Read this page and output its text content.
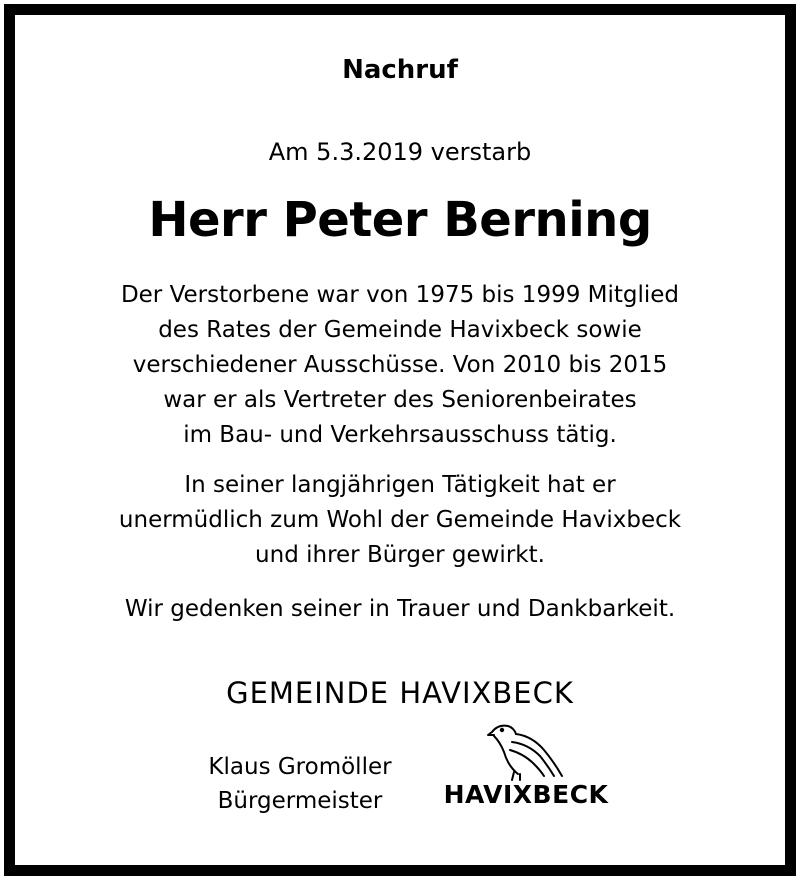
Nachruf
Am 5.3.2019 verstarb
Herr Peter Berning
Der Verstorbene war von 1975 bis 1999 Mitglied
des Rates der Gemeinde Havixbeck sowie
verschiedener Ausschüsse. Von 2010 bis 2015
war er als Vertreter des Seniorenbeirates
im Bau- und Verkehrsausschuss tätig.
In seiner langjährigen Tätigkeit hat er
unermüdlich zum Wohl der Gemeinde Havixbeck
und ihrer Bürger gewirkt.
Wir gedenken seiner in Trauer und Dankbarkeit.
GEMEINDE HAVIXBECK
Klaus Gromöller
Bürgermeister	HAVIXBECK
